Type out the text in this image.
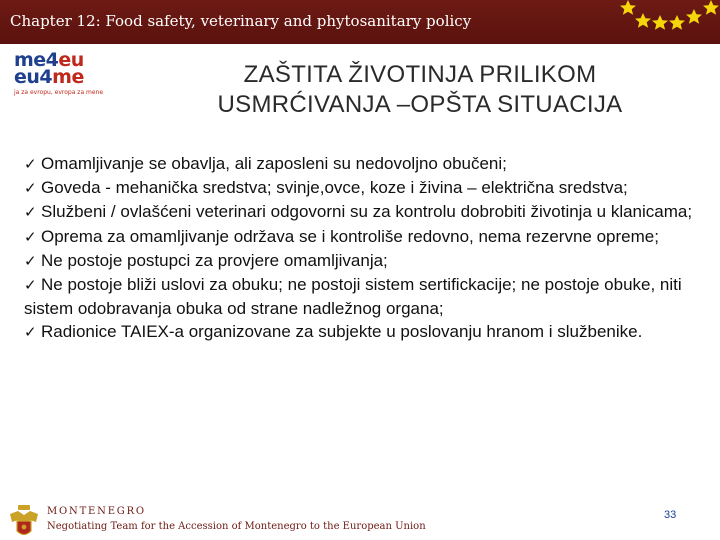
Chapter 12: Food safety, veterinary and phytosanitary policy
me4eu
eu4me
ja za evropu, evropa za mene
ZAŠTITA ŽIVOTINJA PRILIKOM
USMRĆIVANJA –OPŠTA SITUACIJA
✓ Omamljivanje se obavlja, ali zaposleni su nedovoljno obučeni;
✓ Goveda - mehanička sredstva; svinje,ovce, koze i živina – električna sredstva;
✓ Službeni / ovlašćeni veterinari odgovorni su za kontrolu dobrobiti životinja u klanicama;
✓ Oprema za omamljivanje održava se i kontroliše redovno, nema rezervne opreme;
✓ Ne postoje postupci za provjere omamljivanja;
✓ Ne postoje bliži uslovi za obuku; ne postoji sistem sertifickacije; ne postoje obuke, niti sistem odobravanja obuka od strane nadležnog organa;
✓ Radionice TAIEX-a organizovane za subjekte u poslovanju hranom i službenike.
MONTENEGRO
Negotiating Team for the Accession of Montenegro to the European Union
33
